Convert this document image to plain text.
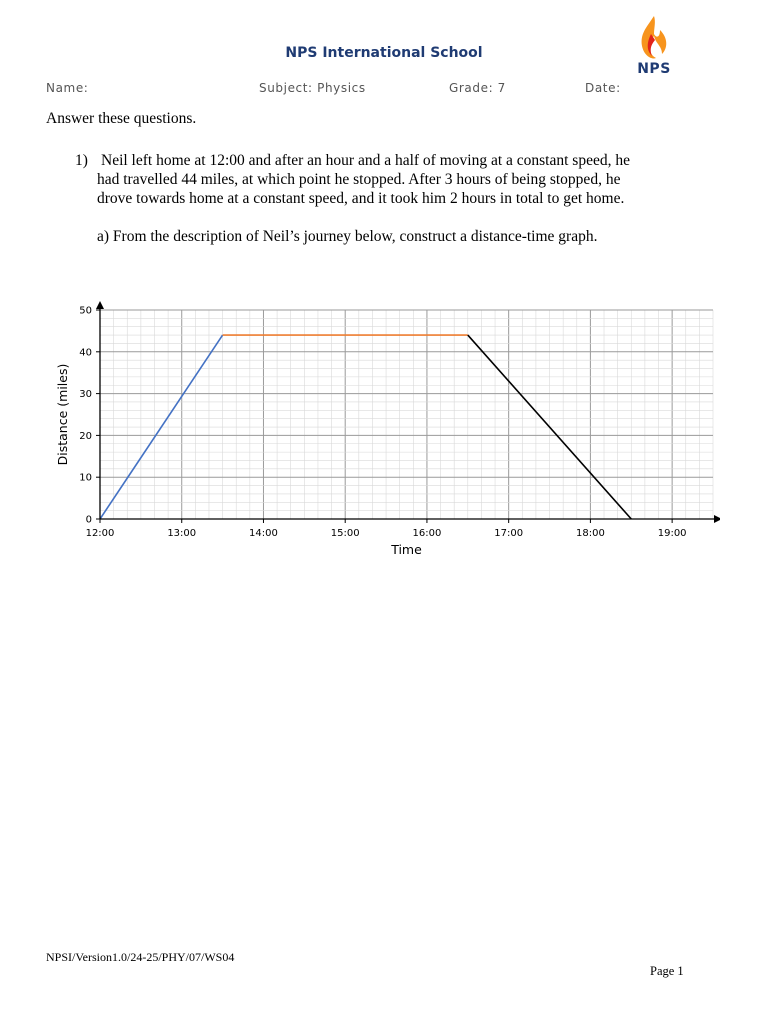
NPS International School
NPS
Name:	Subject: Physics	Grade: 7	Date:
Answer these questions.
1) Neil left home at 12:00 and after an hour and a half of moving at a constant speed, he
had travelled 44 miles, at which point he stopped. After 3 hours of being stopped, he
drove towards home at a constant speed, and it took him 2 hours in total to get home.
a) From the description of Neil’s journey below, construct a distance-time graph.
12:00	13:00	14:00	15:00	16:00	17:00	18:00	19:00
0
10
20
30
40
50
Time
Distance (miles)
NPSI/Version1.0/24-25/PHY/07/WS04
Page 1
